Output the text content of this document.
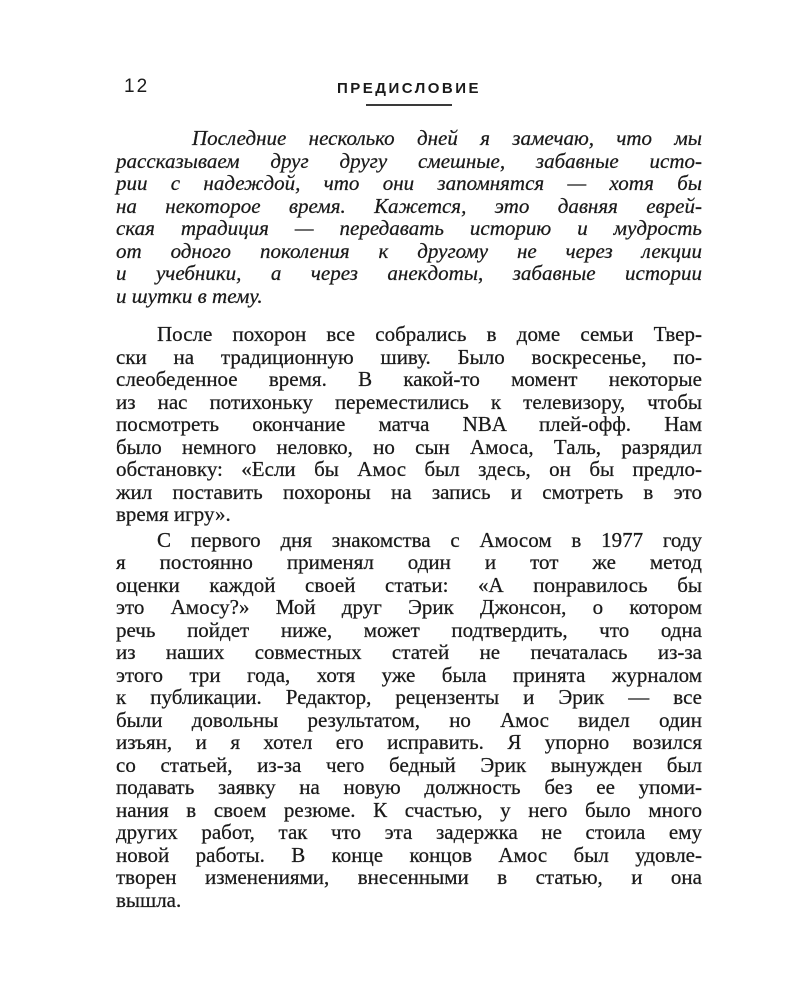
12	ПРЕДИСЛОВИЕ
Последние несколько дней я замечаю, что мы
рассказываем друг другу смешные, забавные исто-
рии с надеждой, что они запомнятся — хотя бы
на некоторое время. Кажется, это давняя еврей-
ская традиция — передавать историю и мудрость
от одного поколения к другому не через лекции
и учебники, а через анекдоты, забавные истории
и шутки в тему.
После похорон все собрались в доме семьи Твер-
ски на традиционную шиву. Было воскресенье, по-
слеобеденное время. В какой-то момент некоторые
из нас потихоньку переместились к телевизору, чтобы
посмотреть окончание матча NBA плей-офф. Нам
было немного неловко, но сын Амоса, Таль, разрядил
обстановку: «Если бы Амос был здесь, он бы предло-
жил поставить похороны на запись и смотреть в это
время игру».
С первого дня знакомства с Амосом в 1977 году
я постоянно применял один и тот же метод
оценки каждой своей статьи: «А понравилось бы
это Амосу?» Мой друг Эрик Джонсон, о котором
речь пойдет ниже, может подтвердить, что одна
из наших совместных статей не печаталась из-за
этого три года, хотя уже была принята журналом
к публикации. Редактор, рецензенты и Эрик — все
были довольны результатом, но Амос видел один
изъян, и я хотел его исправить. Я упорно возился
со статьей, из-за чего бедный Эрик вынужден был
подавать заявку на новую должность без ее упоми-
нания в своем резюме. К счастью, у него было много
других работ, так что эта задержка не стоила ему
новой работы. В конце концов Амос был удовле-
творен изменениями, внесенными в статью, и она
вышла.
